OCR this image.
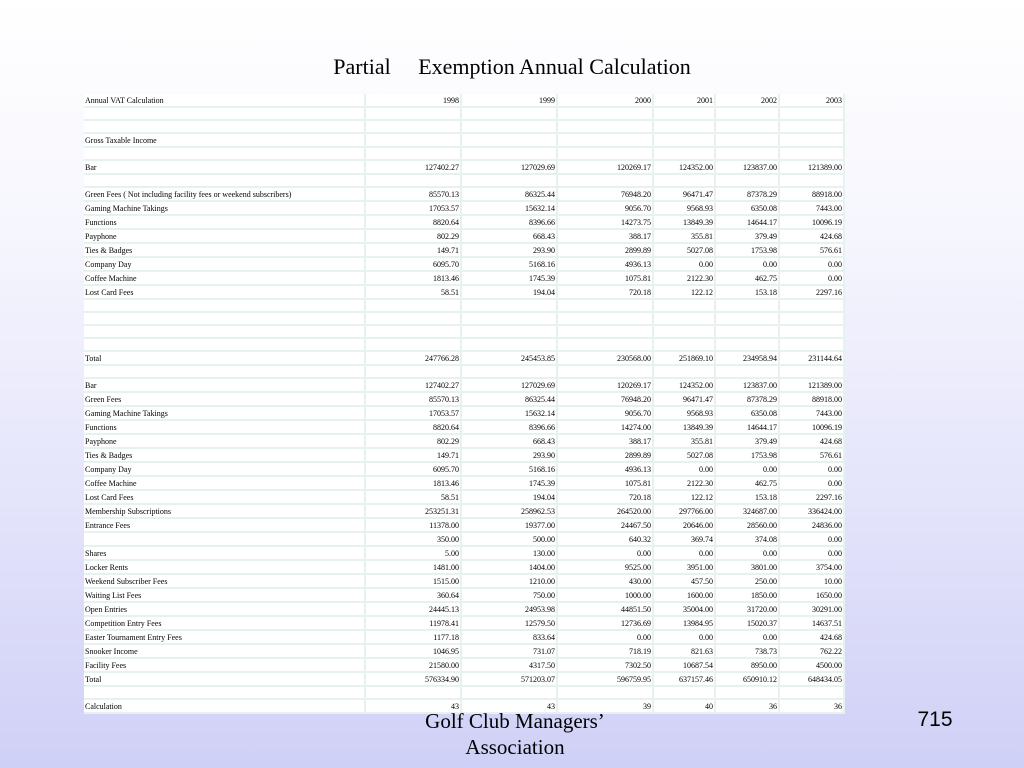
Partial Exemption Annual Calculation
Annual VAT Calculation	1998	1999	2000	2001	2002	2003

Gross Taxable Income						

Bar	127402.27	127029.69	120269.17	124352.00	123837.00	121389.00

Green Fees ( Not including facility fees or weekend subscribers)	85570.13	86325.44	76948.20	96471.47	87378.29	88918.00
Gaming Machine Takings	17053.57	15632.14	9056.70	9568.93	6350.08	7443.00
Functions	8820.64	8396.66	14273.75	13849.39	14644.17	10096.19
Payphone	802.29	668.43	388.17	355.81	379.49	424.68
Ties & Badges	149.71	293.90	2899.89	5027.08	1753.98	576.61
Company Day	6095.70	5168.16	4936.13	0.00	0.00	0.00
Coffee Machine	1813.46	1745.39	1075.81	2122.30	462.75	0.00
Lost Card Fees	58.51	194.04	720.18	122.12	153.18	2297.16

Total	247766.28	245453.85	230568.00	251869.10	234958.94	231144.64

Bar	127402.27	127029.69	120269.17	124352.00	123837.00	121389.00
Green Fees	85570.13	86325.44	76948.20	96471.47	87378.29	88918.00
Gaming Machine Takings	17053.57	15632.14	9056.70	9568.93	6350.08	7443.00
Functions	8820.64	8396.66	14274.00	13849.39	14644.17	10096.19
Payphone	802.29	668.43	388.17	355.81	379.49	424.68
Ties & Badges	149.71	293.90	2899.89	5027.08	1753.98	576.61
Company Day	6095.70	5168.16	4936.13	0.00	0.00	0.00
Coffee Machine	1813.46	1745.39	1075.81	2122.30	462.75	0.00
Lost Card Fees	58.51	194.04	720.18	122.12	153.18	2297.16
Membership Subscriptions	253251.31	258962.53	264520.00	297766.00	324687.00	336424.00
Entrance Fees	11378.00	19377.00	24467.50	20646.00	28560.00	24836.00
	350.00	500.00	640.32	369.74	374.08	0.00
Shares	5.00	130.00	0.00	0.00	0.00	0.00
Locker Rents	1481.00	1404.00	9525.00	3951.00	3801.00	3754.00
Weekend Subscriber Fees	1515.00	1210.00	430.00	457.50	250.00	10.00
Waiting List Fees	360.64	750.00	1000.00	1600.00	1850.00	1650.00
Open Entries	24445.13	24953.98	44851.50	35004.00	31720.00	30291.00
Competition Entry Fees	11978.41	12579.50	12736.69	13984.95	15020.37	14637.51
Easter Tournament Entry Fees	1177.18	833.64	0.00	0.00	0.00	424.68
Snooker Income	1046.95	731.07	718.19	821.63	738.73	762.22
Facility Fees	21580.00	4317.50	7302.50	10687.54	8950.00	4500.00
Total	576334.90	571203.07	596759.95	637157.46	650910.12	648434.05

Calculation	43	43	39	40	36	36
Golf Club Managers’ Association
715
